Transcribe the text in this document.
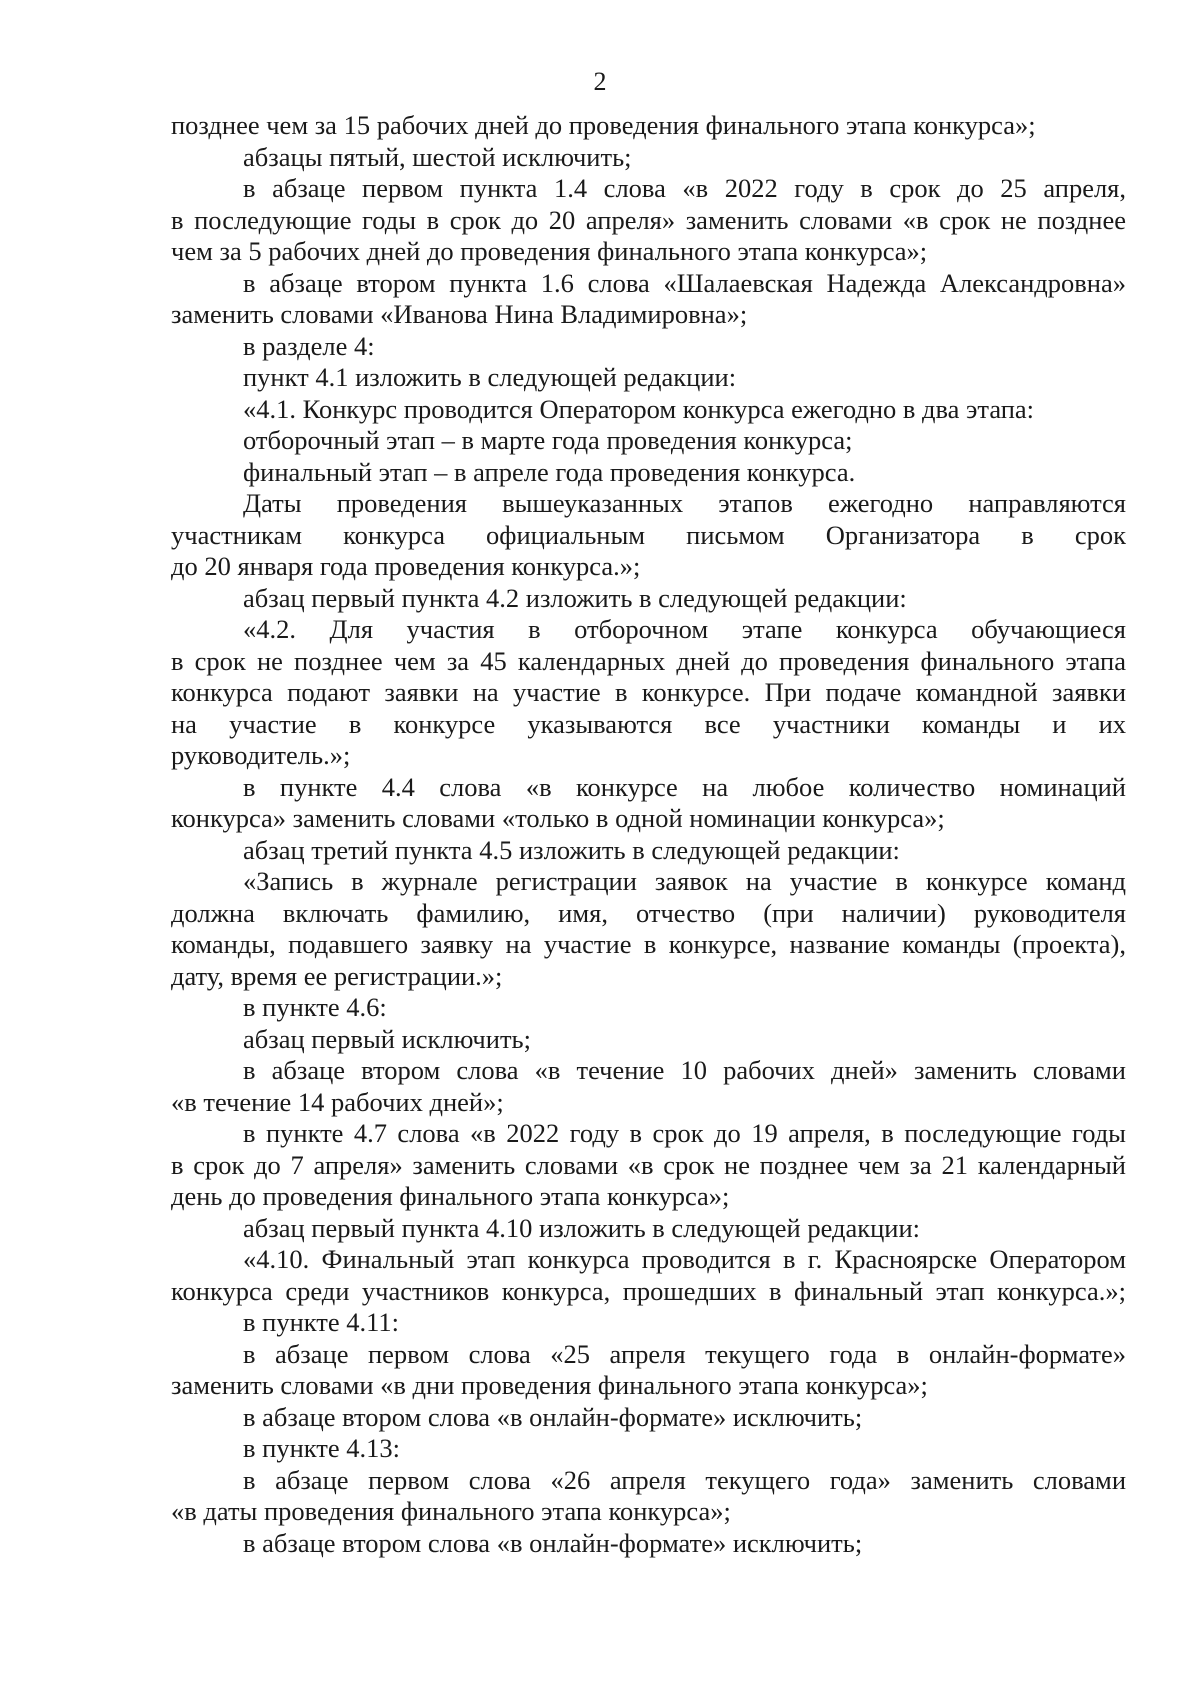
2
позднее чем за 15 рабочих дней до проведения финального этапа конкурса»;
абзацы пятый, шестой исключить;
в абзаце первом пункта 1.4 слова «в 2022 году в срок до 25 апреля,
в последующие годы в срок до 20 апреля» заменить словами «в срок не позднее
чем за 5 рабочих дней до проведения финального этапа конкурса»;
в абзаце втором пункта 1.6 слова «Шалаевская Надежда Александровна»
заменить словами «Иванова Нина Владимировна»;
в разделе 4:
пункт 4.1 изложить в следующей редакции:
«4.1. Конкурс проводится Оператором конкурса ежегодно в два этапа:
отборочный этап – в марте года проведения конкурса;
финальный этап – в апреле года проведения конкурса.
Даты проведения вышеуказанных этапов ежегодно направляются
участникам конкурса официальным письмом Организатора в срок
до 20 января года проведения конкурса.»;
абзац первый пункта 4.2 изложить в следующей редакции:
«4.2. Для участия в отборочном этапе конкурса обучающиеся
в срок не позднее чем за 45 календарных дней до проведения финального этапа
конкурса подают заявки на участие в конкурсе. При подаче командной заявки
на участие в конкурсе указываются все участники команды и их
руководитель.»;
в пункте 4.4 слова «в конкурсе на любое количество номинаций
конкурса» заменить словами «только в одной номинации конкурса»;
абзац третий пункта 4.5 изложить в следующей редакции:
«Запись в журнале регистрации заявок на участие в конкурсе команд
должна включать фамилию, имя, отчество (при наличии) руководителя
команды, подавшего заявку на участие в конкурсе, название команды (проекта),
дату, время ее регистрации.»;
в пункте 4.6:
абзац первый исключить;
в абзаце втором слова «в течение 10 рабочих дней» заменить словами
«в течение 14 рабочих дней»;
в пункте 4.7 слова «в 2022 году в срок до 19 апреля, в последующие годы
в срок до 7 апреля» заменить словами «в срок не позднее чем за 21 календарный
день до проведения финального этапа конкурса»;
абзац первый пункта 4.10 изложить в следующей редакции:
«4.10. Финальный этап конкурса проводится в г. Красноярске Оператором
конкурса среди участников конкурса, прошедших в финальный этап конкурса.»;
в пункте 4.11:
в абзаце первом слова «25 апреля текущего года в онлайн-формате»
заменить словами «в дни проведения финального этапа конкурса»;
в абзаце втором слова «в онлайн-формате» исключить;
в пункте 4.13:
в абзаце первом слова «26 апреля текущего года» заменить словами
«в даты проведения финального этапа конкурса»;
в абзаце втором слова «в онлайн-формате» исключить;
